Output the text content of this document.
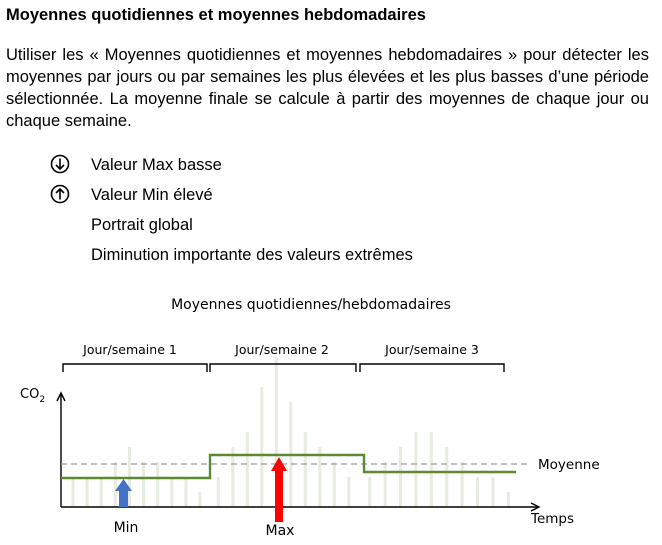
Moyennes quotidiennes et moyennes hebdomadaires
Utiliser les « Moyennes quotidiennes et moyennes hebdomadaires » pour détecter les moyennes par jours ou par semaines les plus élevées et les plus basses d’une période sélectionnée. La moyenne finale se calcule à partir des moyennes de chaque jour ou chaque semaine.
Valeur Max basse
Valeur Min élevé
Portrait global
Diminution importante des valeurs extrêmes
Moyennes quotidiennes/hebdomadaires
Jour/semaine 1	Jour/semaine 2	Jour/semaine 3
$CO_2$
Temps
Moyenne
Min	Max
